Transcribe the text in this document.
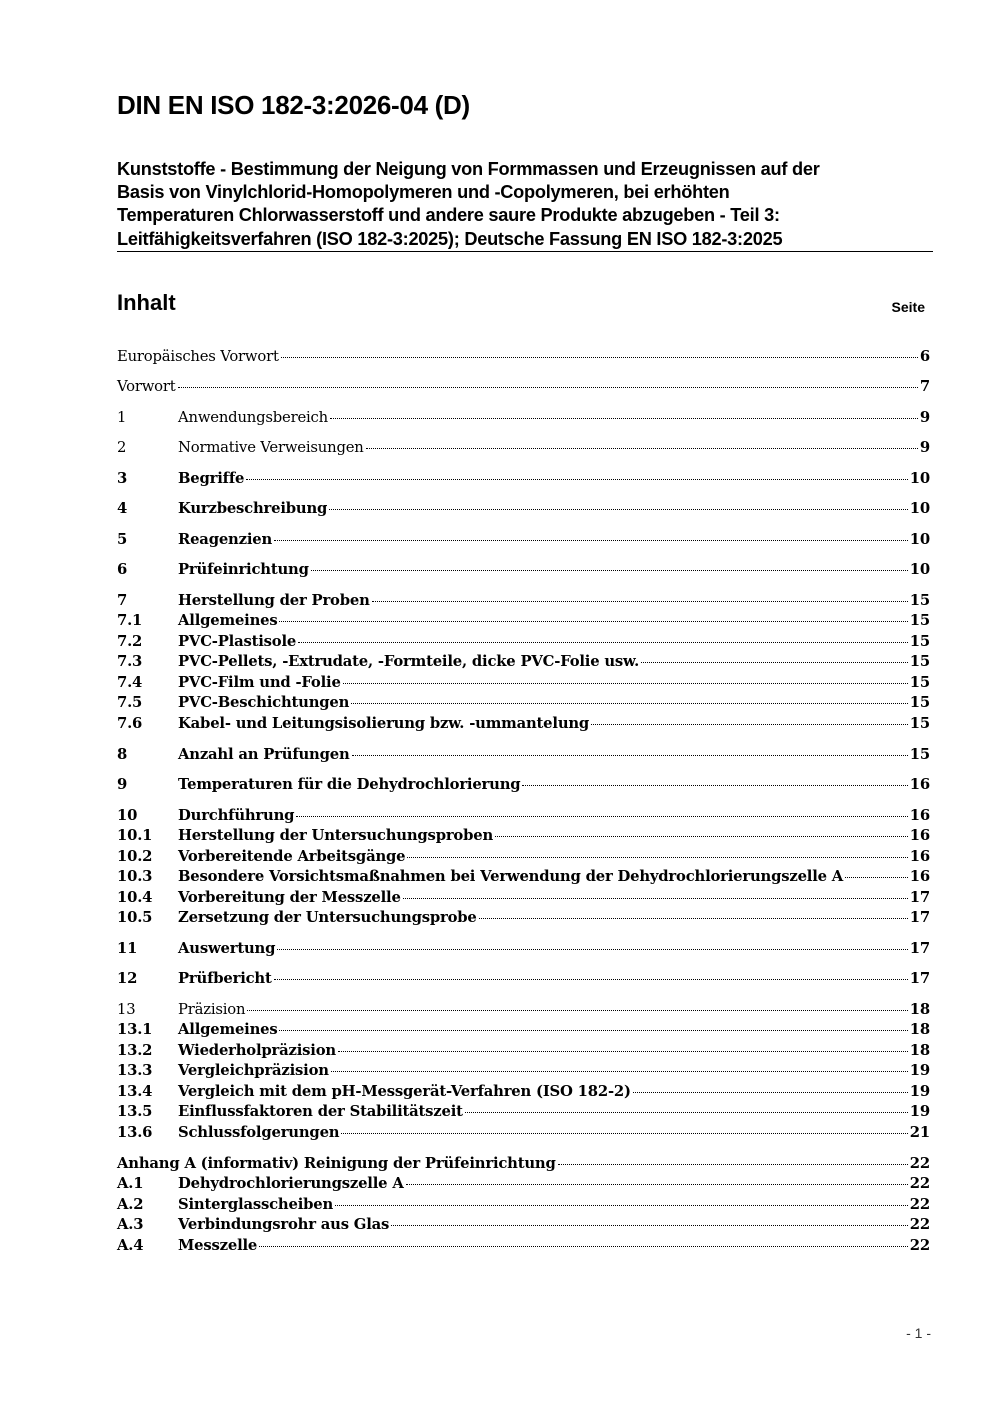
DIN EN ISO 182-3:2026-04 (D)
Kunststoffe - Bestimmung der Neigung von Formmassen und Erzeugnissen auf der
Basis von Vinylchlorid-Homopolymeren und -Copolymeren, bei erhöhten
Temperaturen Chlorwasserstoff und andere saure Produkte abzugeben - Teil 3:
Leitfähigkeitsverfahren (ISO 182-3:2025); Deutsche Fassung EN ISO 182-3:2025
Inhalt	Seite
Europäisches Vorwort	6
Vorwort	7
1	Anwendungsbereich	9
2	Normative Verweisungen	9
3	Begriffe	10
4	Kurzbeschreibung	10
5	Reagenzien	10
6	Prüfeinrichtung	10
7	Herstellung der Proben	15
7.1	Allgemeines	15
7.2	PVC-Plastisole	15
7.3	PVC-Pellets, -Extrudate, -Formteile, dicke PVC-Folie usw.	15
7.4	PVC-Film und -Folie	15
7.5	PVC-Beschichtungen	15
7.6	Kabel- und Leitungsisolierung bzw. -ummantelung	15
8	Anzahl an Prüfungen	15
9	Temperaturen für die Dehydrochlorierung	16
10	Durchführung	16
10.1	Herstellung der Untersuchungsproben	16
10.2	Vorbereitende Arbeitsgänge	16
10.3	Besondere Vorsichtsmaßnahmen bei Verwendung der Dehydrochlorierungszelle A	16
10.4	Vorbereitung der Messzelle	17
10.5	Zersetzung der Untersuchungsprobe	17
11	Auswertung	17
12	Prüfbericht	17
13	Präzision	18
13.1	Allgemeines	18
13.2	Wiederholpräzision	18
13.3	Vergleichpräzision	19
13.4	Vergleich mit dem pH-Messgerät-Verfahren (ISO 182-2)	19
13.5	Einflussfaktoren der Stabilitätszeit	19
13.6	Schlussfolgerungen	21
Anhang A (informativ) Reinigung der Prüfeinrichtung	22
A.1	Dehydrochlorierungszelle A	22
A.2	Sinterglasscheiben	22
A.3	Verbindungsrohr aus Glas	22
A.4	Messzelle	22
- 1 -
